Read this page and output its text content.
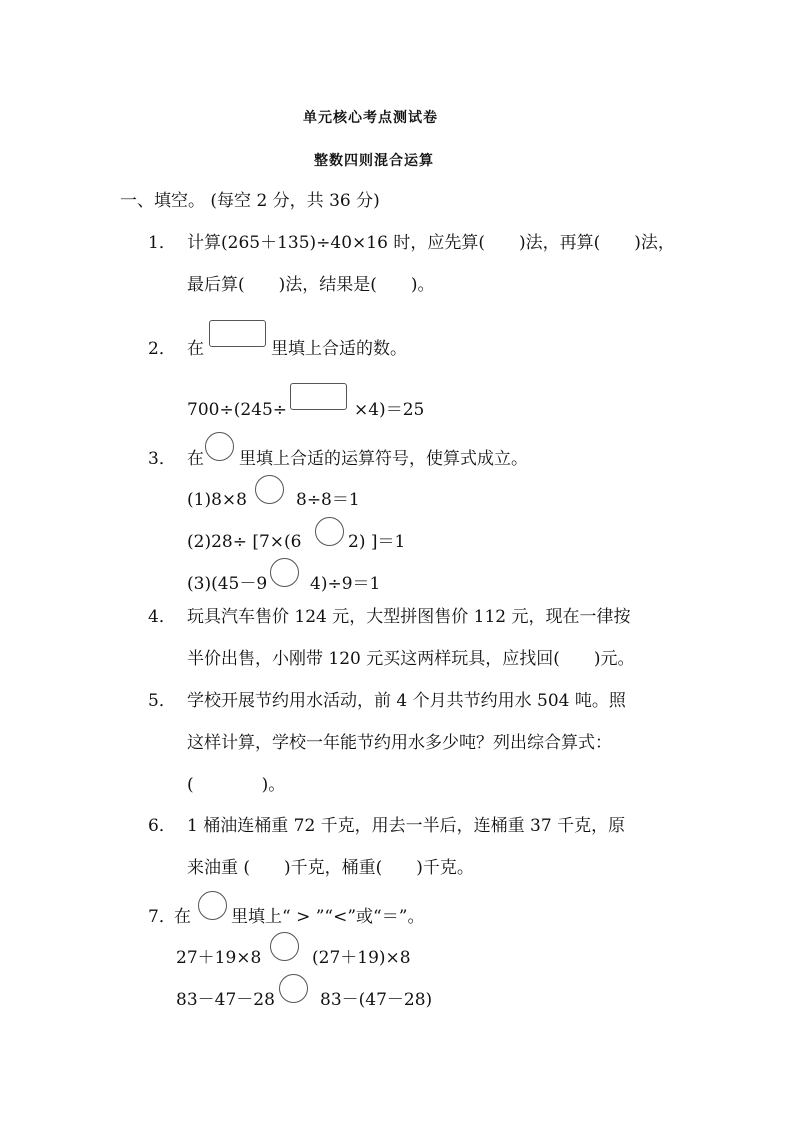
单元核心考点测试卷
整数四则混合运算
一、填空。 (每空 2 分，共 36 分)
1． 计算(265＋135)÷40×16 时，应先算(　　)法，再算(　　)法，
最后算(　　)法，结果是(　　)。
2． 在	里填上合适的数。
700÷(245÷	×4)＝25
3． 在 里填上合适的运算符号，使算式成立。
(1)8×8	8÷8＝1
(2)28÷ [7×(6	2) ]＝1
(3)(45－9	4)÷9＝1
4． 玩具汽车售价 124 元，大型拼图售价 112 元，现在一律按
半价出售，小刚带 120 元买这两样玩具，应找回(　　)元。
5． 学校开展节约用水活动，前 4 个月共节约用水 504 吨。照
这样计算，学校一年能节约用水多少吨？列出综合算式：
(　　　　)。
6． 1 桶油连桶重 72 千克，用去一半后，连桶重 37 千克，原
来油重 (　　)千克，桶重(　　)千克。
7．
在 里填上“ > ”“<”或“＝”。
27＋19×8	(27＋19)×8
83－47－28	83－(47－28)
